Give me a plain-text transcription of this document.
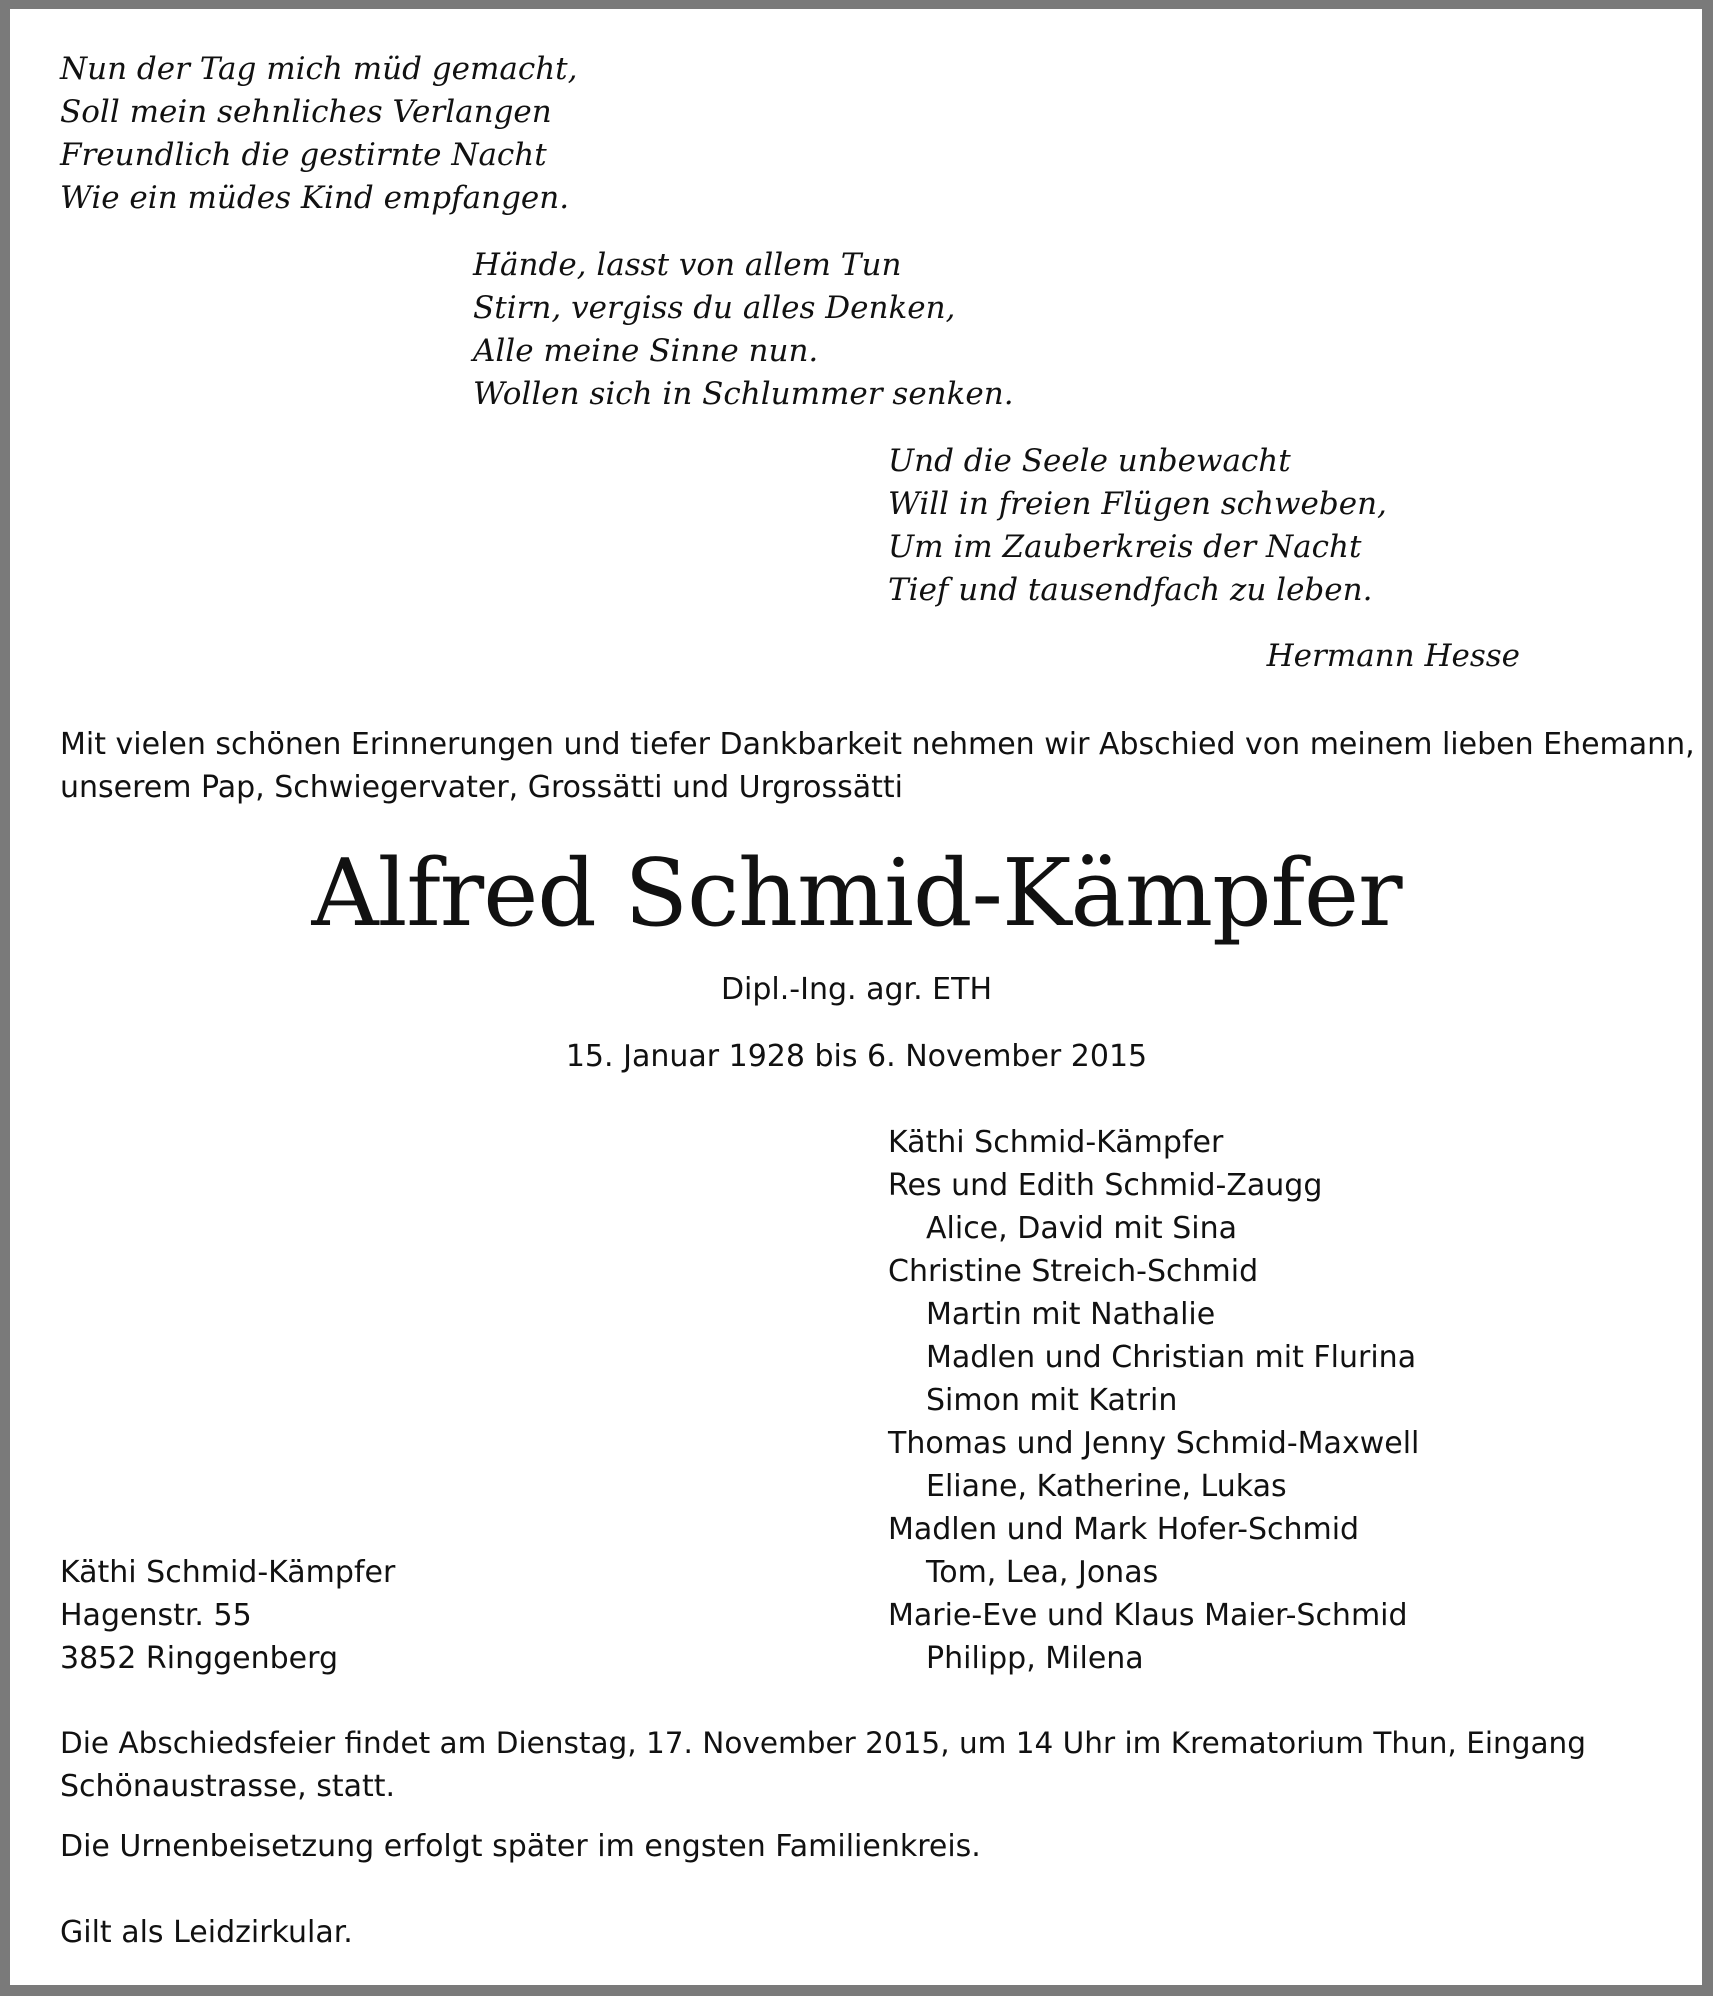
Nun der Tag mich müd gemacht,
Soll mein sehnliches Verlangen
Freundlich die gestirnte Nacht
Wie ein müdes Kind empfangen.
Hände, lasst von allem Tun
Stirn, vergiss du alles Denken,
Alle meine Sinne nun.
Wollen sich in Schlummer senken.
Und die Seele unbewacht
Will in freien Flügen schweben,
Um im Zauberkreis der Nacht
Tief und tausendfach zu leben.
Hermann Hesse
Mit vielen schönen Erinnerungen und tiefer Dankbarkeit nehmen wir Abschied von meinem lieben Ehemann,
unserem Pap, Schwiegervater, Grossätti und Urgrossätti
Alfred Schmid-Kämpfer
Dipl.-Ing. agr. ETH
15. Januar 1928 bis 6. November 2015
Käthi Schmid-Kämpfer
Res und Edith Schmid-Zaugg
Alice, David mit Sina
Christine Streich-Schmid
Martin mit Nathalie
Madlen und Christian mit Flurina
Simon mit Katrin
Thomas und Jenny Schmid-Maxwell
Eliane, Katherine, Lukas
Madlen und Mark Hofer-Schmid
Tom, Lea, Jonas
Marie-Eve und Klaus Maier-Schmid
Philipp, Milena
Käthi Schmid-Kämpfer
Hagenstr. 55
3852 Ringgenberg
Die Abschiedsfeier findet am Dienstag, 17. November 2015, um 14 Uhr im Krematorium Thun, Eingang
Schönaustrasse, statt.
Die Urnenbeisetzung erfolgt später im engsten Familienkreis.
Gilt als Leidzirkular.
